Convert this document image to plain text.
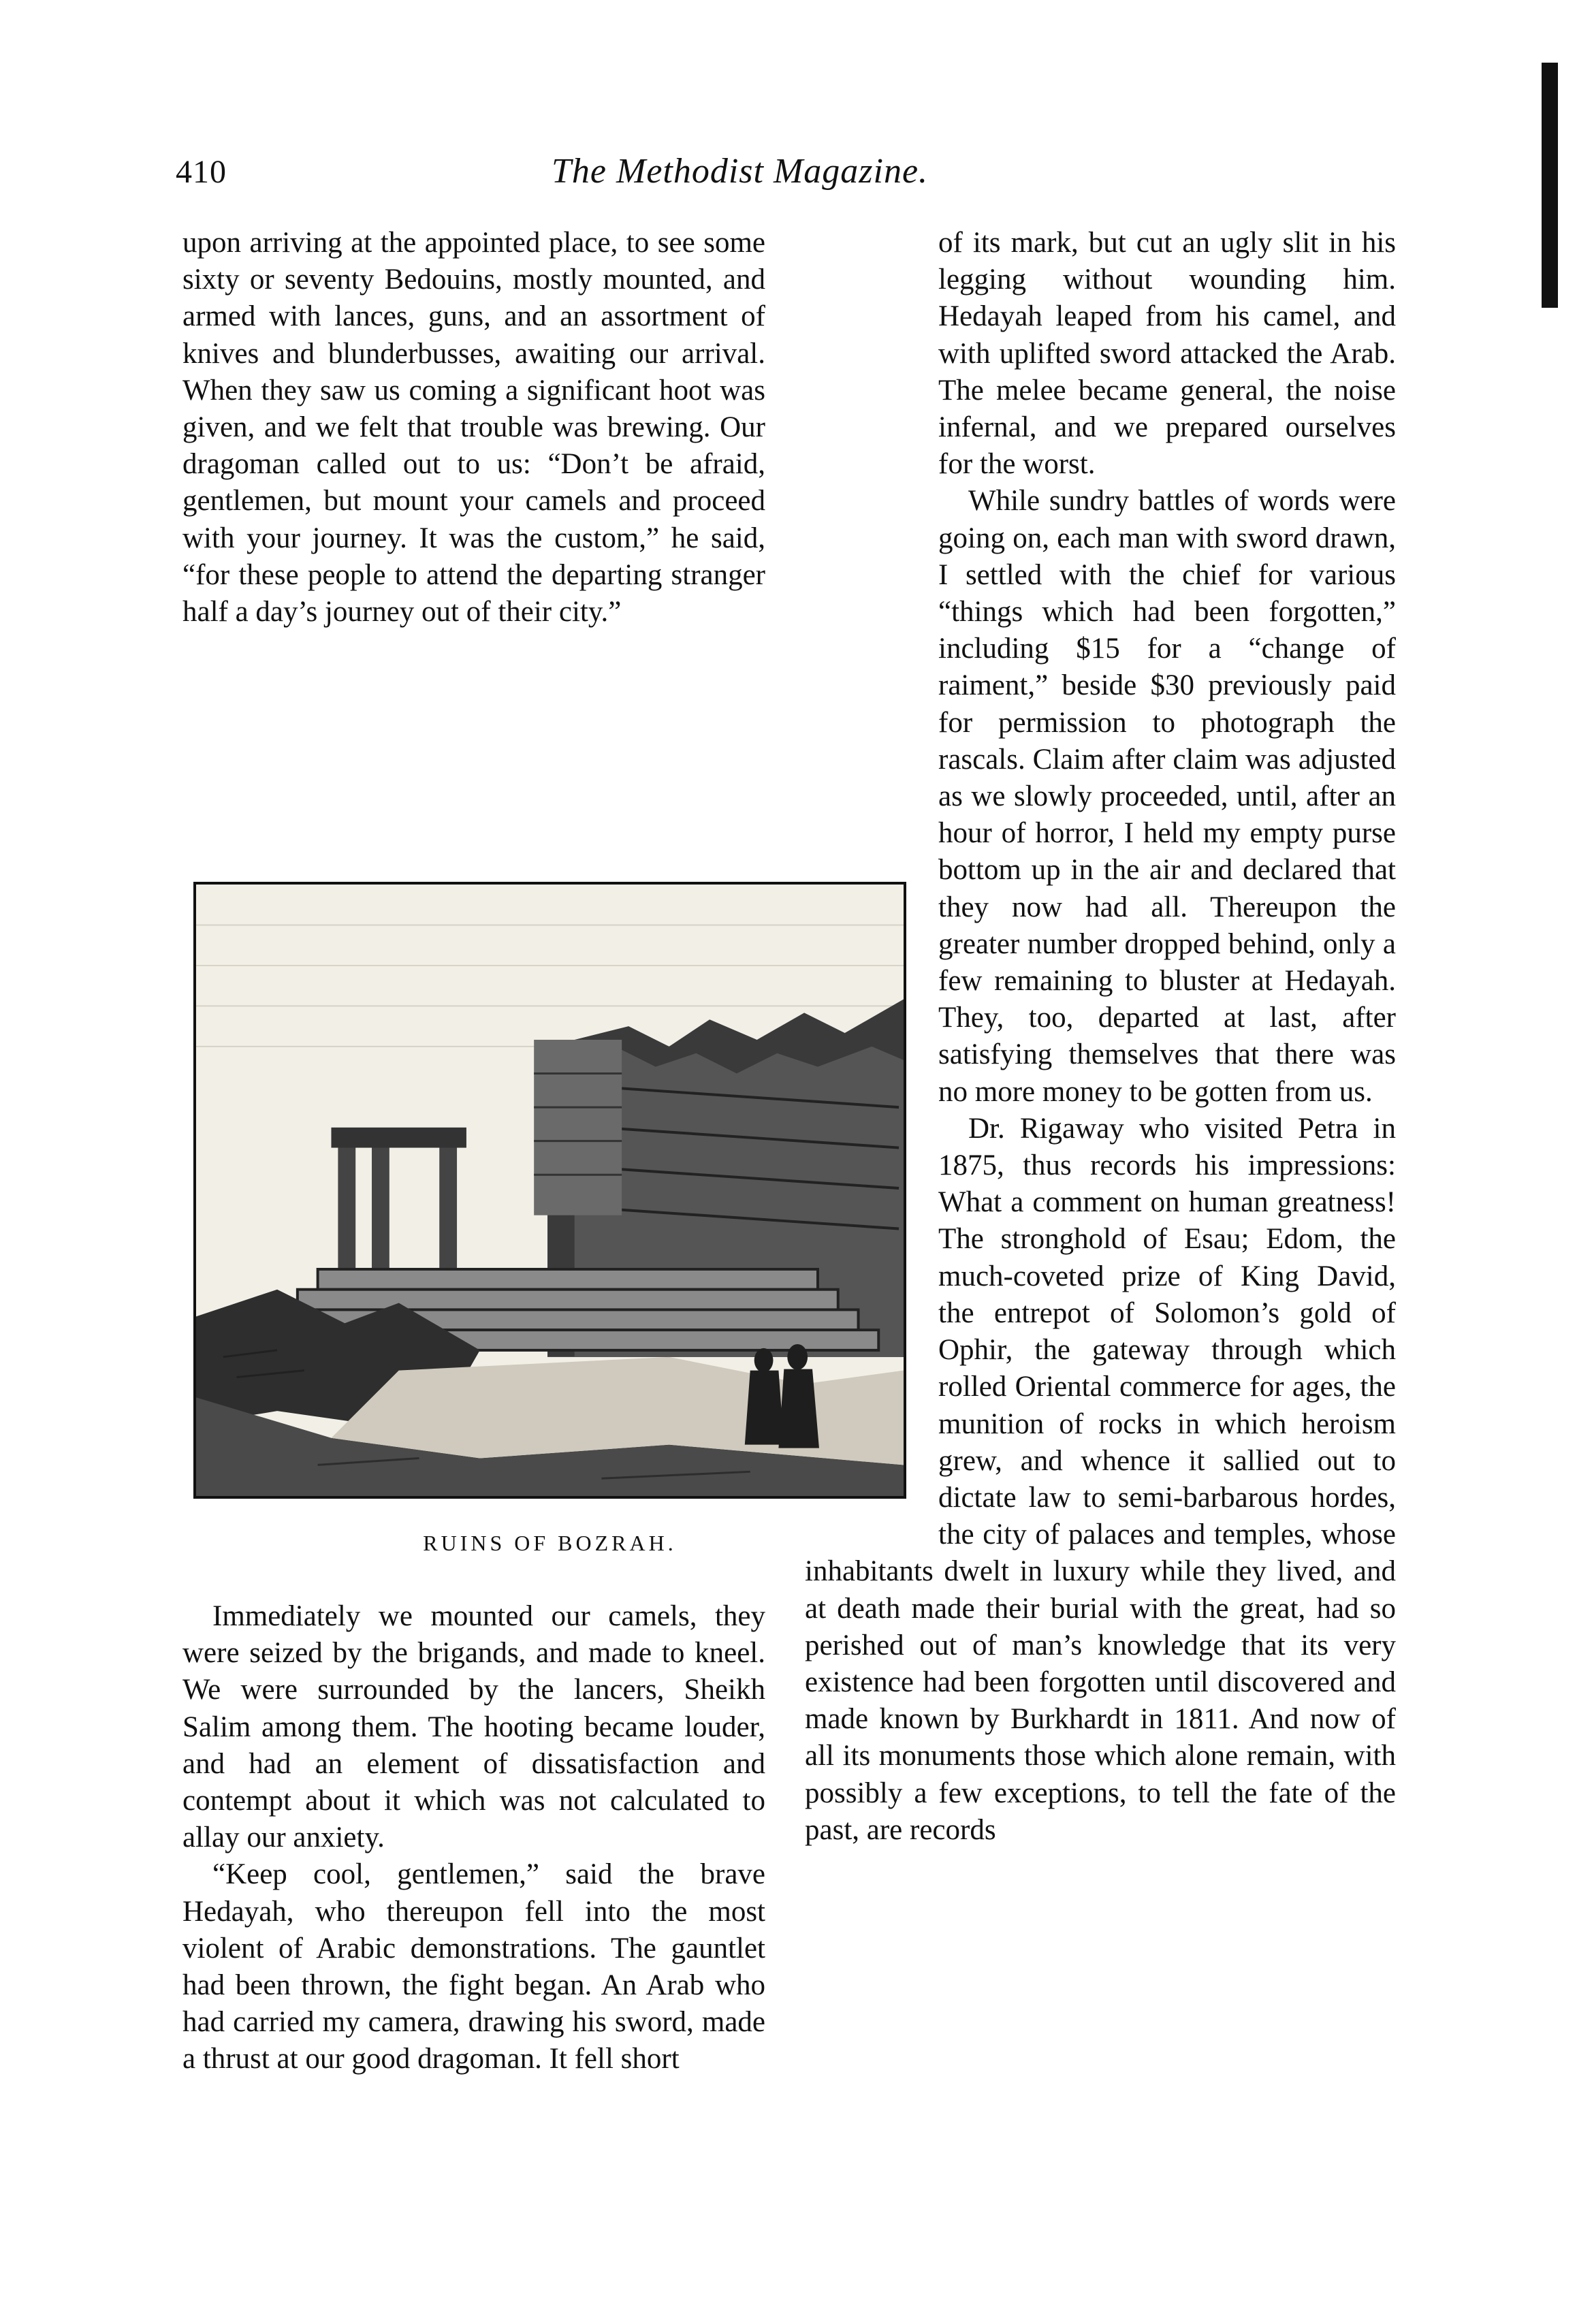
410	The Methodist Magazine.

upon arriving at the appointed place, to see some sixty or seventy Bedouins, mostly mounted, and armed with lances, guns, and an assortment of knives and blunderbusses, awaiting our arrival. When they saw us coming a significant hoot was given, and we felt that trouble was brewing. Our dragoman called out to us: “Don’t be afraid, gentlemen, but mount your camels and proceed with your journey. It was the custom,” he said, “for these people to attend the departing stranger half a day’s journey out of their city.”

RUINS OF BOZRAH.

Immediately we mounted our camels, they were seized by the brigands, and made to kneel. We were surrounded by the lancers, Sheikh Salim among them. The hooting became louder, and had an element of dissatisfaction and contempt about it which was not calculated to allay our anxiety.

“Keep cool, gentlemen,” said the brave Hedayah, who thereupon fell into the most violent of Arabic demonstrations. The gauntlet had been thrown, the fight began. An Arab who had carried my camera, drawing his sword, made a thrust at our good dragoman. It fell short

of its mark, but cut an ugly slit in his legging without wounding him. Hedayah leaped from his camel, and with uplifted sword attacked the Arab. The melee became general, the noise infernal, and we prepared ourselves for the worst.

While sundry battles of words were going on, each man with sword drawn, I settled with the chief for various “things which had been forgotten,” including $15 for a “change of raiment,” beside $30 previously paid for permission to photograph the rascals. Claim after claim was adjusted as we slowly proceeded, until, after an hour of horror, I held my empty purse bottom up in the air and declared that they now had all. Thereupon the greater number dropped behind, only a few remaining to bluster at Hedayah. They, too, departed at last, after satisfying themselves that there was no more money to be gotten from us.

Dr. Rigaway who visited Petra in 1875, thus records his impressions: What a comment on human greatness! The stronghold of Esau; Edom, the much-coveted prize of King David, the entrepot of Solomon’s gold of Ophir, the gateway through which rolled Oriental commerce for ages, the munition of rocks in which heroism grew, and whence it sallied out to dictate law to semi-barbarous hordes, the city of palaces and temples, whose inhabitants dwelt in luxury while they lived, and at death made their burial with the great, had so perished out of man’s knowledge that its very existence had been forgotten until discovered and made known by Burkhardt in 1811. And now of all its monuments those which alone remain, with possibly a few exceptions, to tell the fate of the past, are records
